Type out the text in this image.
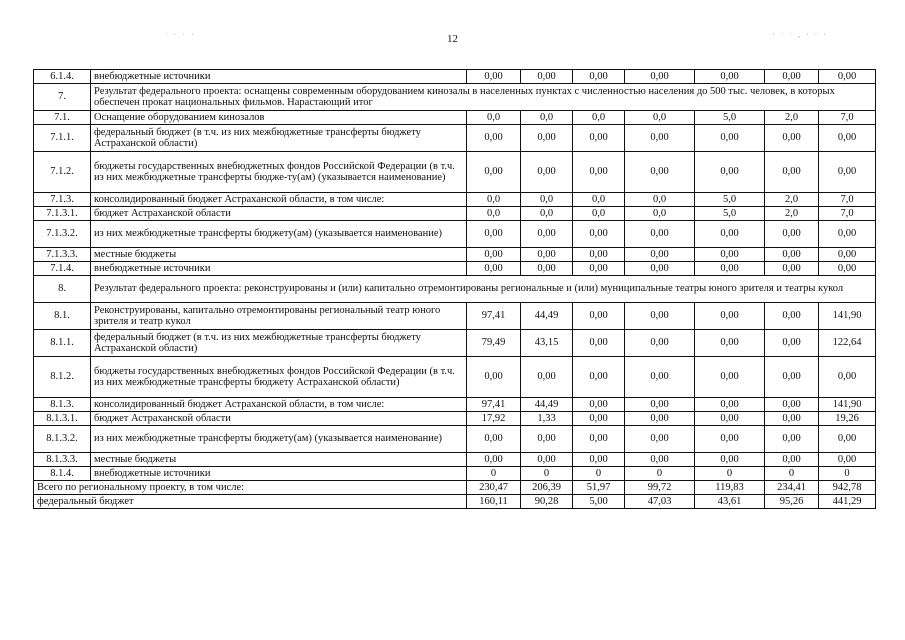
· · · ·	12	· · · , · · ·
6.1.4.	внебюджетные источники	0,00	0,00	0,00	0,00	0,00	0,00	0,00
7.	Результат федерального проекта: оснащены современным оборудованием кинозалы в населенных пунктах с численностью населения до 500 тыс. человек, в которых обеспечен прокат национальных фильмов. Нарастающий итог							
7.1.	Оснащение оборудованием кинозалов	0,0	0,0	0,0	0,0	5,0	2,0	7,0
7.1.1.	федеральный бюджет (в т.ч. из них межбюджетные трансферты бюджету Астраханской области)	0,00	0,00	0,00	0,00	0,00	0,00	0,00
7.1.2.	бюджеты государственных внебюджетных фондов Российской Федерации (в т.ч. из них межбюджетные трансферты бюдже-ту(ам) (указывается наименование)	0,00	0,00	0,00	0,00	0,00	0,00	0,00
7.1.3.	консолидированный бюджет Астраханской области, в том числе:	0,0	0,0	0,0	0,0	5,0	2,0	7,0
7.1.3.1.	бюджет Астраханской области	0,0	0,0	0,0	0,0	5,0	2,0	7,0
7.1.3.2.	из них межбюджетные трансферты бюджету(ам) (указывается наименование)	0,00	0,00	0,00	0,00	0,00	0,00	0,00
7.1.3.3.	местные бюджеты	0,00	0,00	0,00	0,00	0,00	0,00	0,00
7.1.4.	внебюджетные источники	0,00	0,00	0,00	0,00	0,00	0,00	0,00
8.	Результат федерального проекта: реконструированы и (или) капитально отремонтированы региональные и (или) муниципальные театры юного зрителя и театры кукол							
8.1.	Реконструированы, капитально отремонтированы региональный театр юного зрителя и театр кукол	97,41	44,49	0,00	0,00	0,00	0,00	141,90
8.1.1.	федеральный бюджет (в т.ч. из них межбюджетные трансферты бюджету Астраханской области)	79,49	43,15	0,00	0,00	0,00	0,00	122,64
8.1.2.	бюджеты государственных внебюджетных фондов Российской Федерации (в т.ч. из них межбюджетные трансферты бюджету Астраханской области)	0,00	0,00	0,00	0,00	0,00	0,00	0,00
8.1.3.	консолидированный бюджет Астраханской области, в том числе:	97,41	44,49	0,00	0,00	0,00	0,00	141,90
8.1.3.1.	бюджет Астраханской области	17,92	1,33	0,00	0,00	0,00	0,00	19,26
8.1.3.2.	из них межбюджетные трансферты бюджету(ам) (указывается наименование)	0,00	0,00	0,00	0,00	0,00	0,00	0,00
8.1.3.3.	местные бюджеты	0,00	0,00	0,00	0,00	0,00	0,00	0,00
8.1.4.	внебюджетные источники	0	0	0	0	0	0	0
Всего по региональному проекту, в том числе:		230,47	206,39	51,97	99,72	119,83	234,41	942,78
федеральный бюджет		160,11	90,28	5,00	47,03	43,61	95,26	441,29
